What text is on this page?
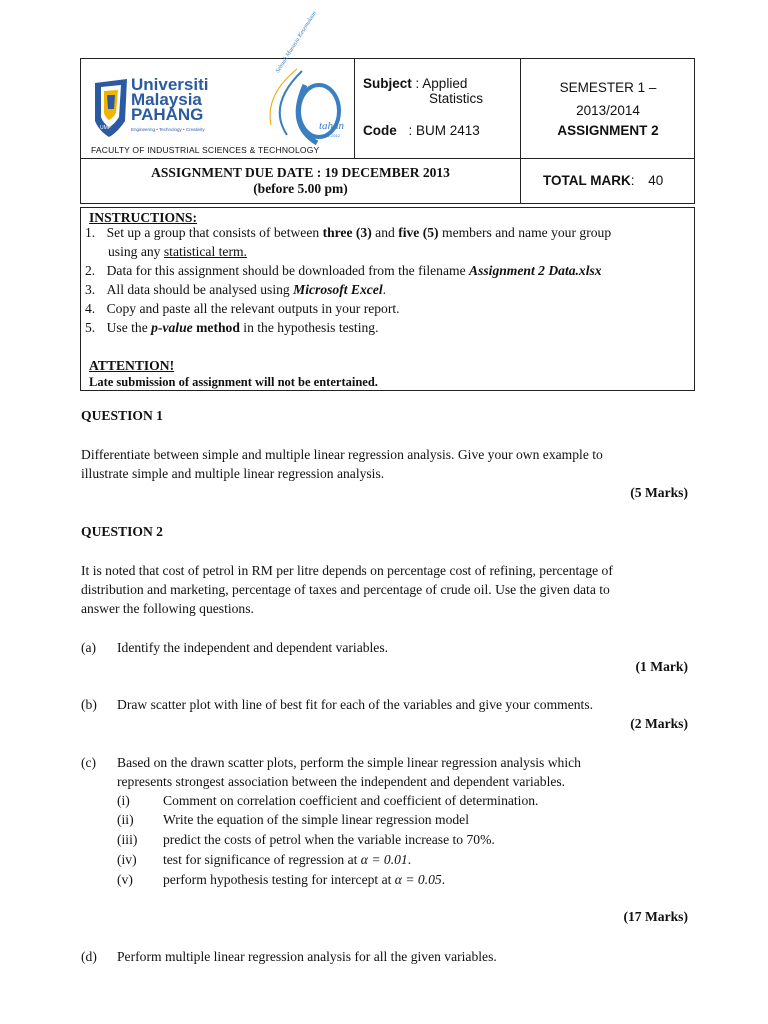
UMP
Universiti
Malaysia
PAHANG
Engineering • Technology • Creativity	tahun
2002-2012
Sebuah Manusia Kesemulaan
FACULTY OF INDUSTRIAL SCIENCES & TECHNOLOGY
Subject : Applied
Statistics
Code : BUM 2413
SEMESTER 1 –
2013/2014
ASSIGNMENT 2
ASSIGNMENT DUE DATE : 19 DECEMBER 2013
(before 5.00 pm)
TOTAL MARK: 40
INSTRUCTIONS:
1. Set up a group that consists of between three (3) and five (5) members and name your group
using any statistical term.
2. Data for this assignment should be downloaded from the filename Assignment 2 Data.xlsx
3. All data should be analysed using Microsoft Excel.
4. Copy and paste all the relevant outputs in your report.
5. Use the p-value method in the hypothesis testing.
ATTENTION!
Late submission of assignment will not be entertained.
QUESTION 1
Differentiate between simple and multiple linear regression analysis. Give your own example to
illustrate simple and multiple linear regression analysis.
(5 Marks)
QUESTION 2
It is noted that cost of petrol in RM per litre depends on percentage cost of refining, percentage of
distribution and marketing, percentage of taxes and percentage of crude oil. Use the given data to
answer the following questions.
(a) Identify the independent and dependent variables.
(1 Mark)
(b) Draw scatter plot with line of best fit for each of the variables and give your comments.
(2 Marks)
(c) Based on the drawn scatter plots, perform the simple linear regression analysis which
represents strongest association between the independent and dependent variables.
(i) Comment on correlation coefficient and coefficient of determination.
(ii) Write the equation of the simple linear regression model
(iii) predict the costs of petrol when the variable increase to 70%.
(iv) test for significance of regression at α = 0.01.
(v) perform hypothesis testing for intercept at α = 0.05.
(17 Marks)
(d) Perform multiple linear regression analysis for all the given variables.
